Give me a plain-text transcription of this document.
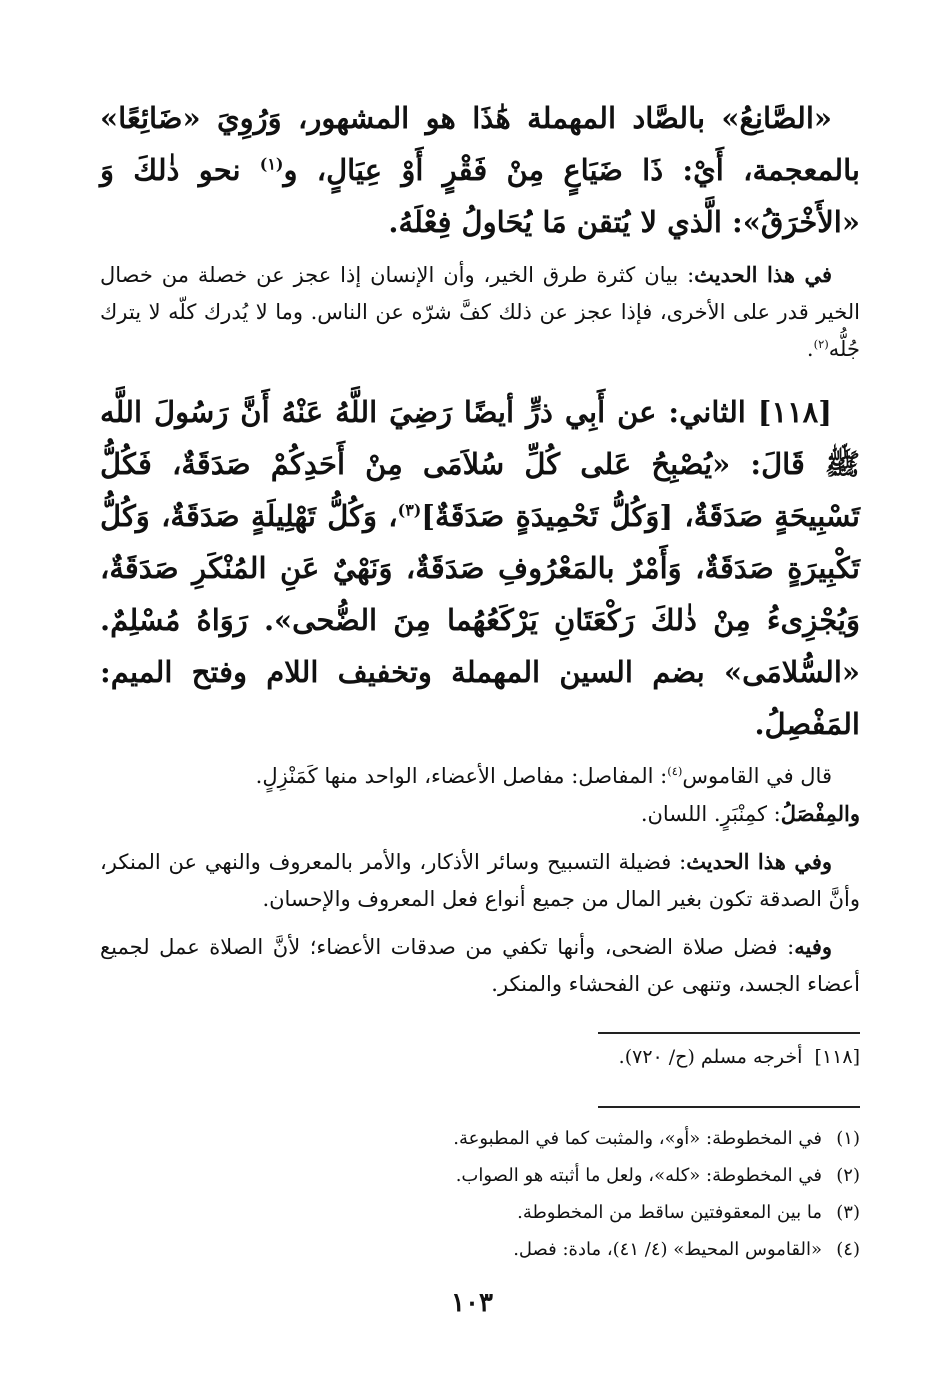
«الصَّانِعُ» بالصَّاد المهملة هَٰذَا هو المشهور، وَرُوِيَ «ضَائِعًا» بالمعجمة، أَيْ: ذَا ضَيَاعٍ مِنْ فَقْرٍ أَوْ عِيَالٍ، و$^{(١)}$ نحو ذٰلكَ وَ «الأَخْرَقُ»: الَّذي لا يُتقن مَا يُحَاولُ فِعْلَهُ.

في هذا الحديث: بيان كثرة طرق الخير، وأن الإنسان إذا عجز عن خصلة من خصال الخير قدر على الأخرى، فإذا عجز عن ذلك كفَّ شرّه عن الناس. وما لا يُدرك كلّه لا يترك جُلُّه$^{(٢)}$.

[١١٨] الثاني: عن أَبِي ذرٍّ أيضًا رَضِيَ اللَّهُ عَنْهُ أَنَّ رَسُولَ اللَّه ﷺ قَالَ: «يُصْبِحُ عَلى كُلِّ سُلاَمَى مِنْ أَحَدِكُمْ صَدَقَةٌ، فَكُلُّ تَسْبِيحَةٍ صَدَقَةٌ، [وَكُلُّ تَحْمِيدَةٍ صَدَقَةٌ]$^{(٣)}$، وَكُلُّ تَهْلِيلَةٍ صَدَقَةٌ، وَكُلُّ تَكْبِيرَةٍ صَدَقَةٌ، وَأَمْرٌ بالمَعْرُوفِ صَدَقَةٌ، وَنَهْيٌ عَنِ المُنْكَرِ صَدَقَةٌ، وَيُجْزِىءُ مِنْ ذٰلكَ رَكْعَتَانِ يَرْكَعُهُما مِنَ الضُّحى». رَوَاهُ مُسْلِمٌ. «السُّلامَى» بضم السين المهملة وتخفيف اللام وفتح الميم: المَفْصِلُ.

قال في القاموس$^{(٤)}$: المفاصل: مفاصل الأعضاء، الواحد منها كَمَنْزِلٍ.
والمِفْصَلُ: كمِنْبَرٍ. اللسان.

وفي هذا الحديث: فضيلة التسبيح وسائر الأذكار، والأمر بالمعروف والنهي عن المنكر، وأنَّ الصدقة تكون بغير المال من جميع أنواع فعل المعروف والإحسان.

وفيه: فضل صلاة الضحى، وأنها تكفي من صدقات الأعضاء؛ لأنَّ الصلاة عمل لجميع أعضاء الجسد، وتنهى عن الفحشاء والمنكر.

[١١٨]  أخرجه مسلم (ح/ ٧٢٠).
(١)في المخطوطة: «أو»، والمثبت كما في المطبوعة.
(٢)في المخطوطة: «كله»، ولعل ما أثبته هو الصواب.
(٣)ما بين المعقوفتين ساقط من المخطوطة.
(٤)«القاموس المحيط» (٤/ ٤١)، مادة: فصل.
١٠٣
